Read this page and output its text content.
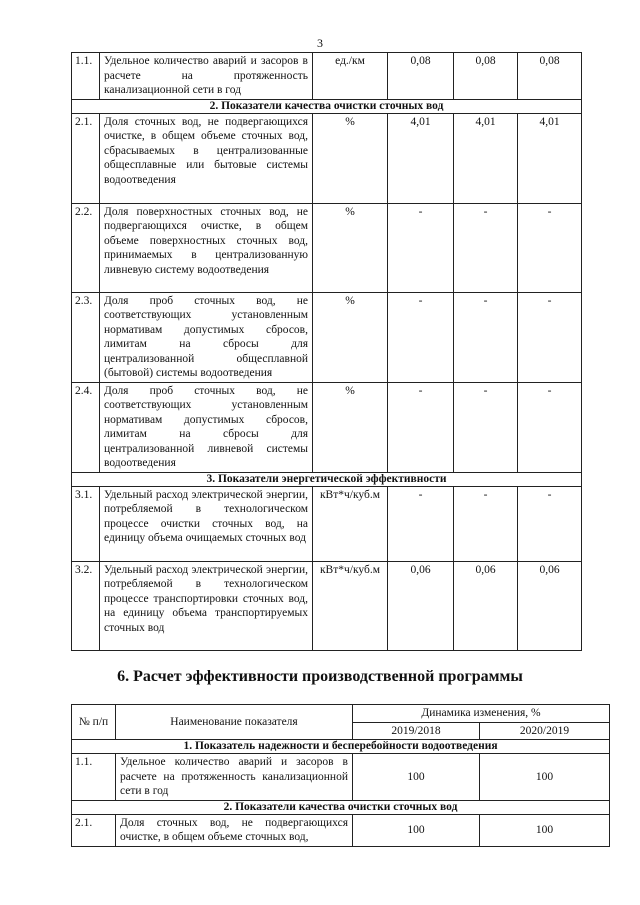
3
1.1.	Удельное количество аварий и засоров в расчете на протяженность канализационной сети в год	ед./км	0,08	0,08	0,08
2. Показатели качества очистки сточных вод					
2.1.	Доля сточных вод, не подвергающихся очистке, в общем объеме сточных вод, сбрасываемых в централизованные общесплавные или бытовые системы водоотведения	%	4,01	4,01	4,01
2.2.	Доля поверхностных сточных вод, не подвергающихся очистке, в общем объеме поверхностных сточных вод, принимаемых в централизованную ливневую систему водоотведения	%	-	-	-
2.3.	Доля проб сточных вод, не соответствующих установленным нормативам допустимых сбросов, лимитам на сбросы для централизованной общесплавной (бытовой) системы водоотведения	%	-	-	-
2.4.	Доля проб сточных вод, не соответствующих установленным нормативам допустимых сбросов, лимитам на сбросы для централизованной ливневой системы водоотведения	%	-	-	-
3. Показатели энергетической эффективности					
3.1.	Удельный расход электрической энергии, потребляемой в технологическом процессе очистки сточных вод, на единицу объема очищаемых сточных вод	кВт*ч/куб.м	-	-	-
3.2.	Удельный расход электрической энергии, потребляемой в технологическом процессе транспортировки сточных вод, на единицу объема транспортируемых сточных вод	кВт*ч/куб.м	0,06	0,06	0,06
6. Расчет эффективности производственной программы
№ п/п	Наименование показателя	Динамика изменения, %	
		2019/2018	2020/2019
1. Показатель надежности и бесперебойности водоотведения			
1.1.	Удельное количество аварий и засоров в расчете на протяженность канализационной сети в год	100	100
2. Показатели качества очистки сточных вод			
2.1.	Доля сточных вод, не подвергающихся очистке, в общем объеме сточных вод,	100	100
